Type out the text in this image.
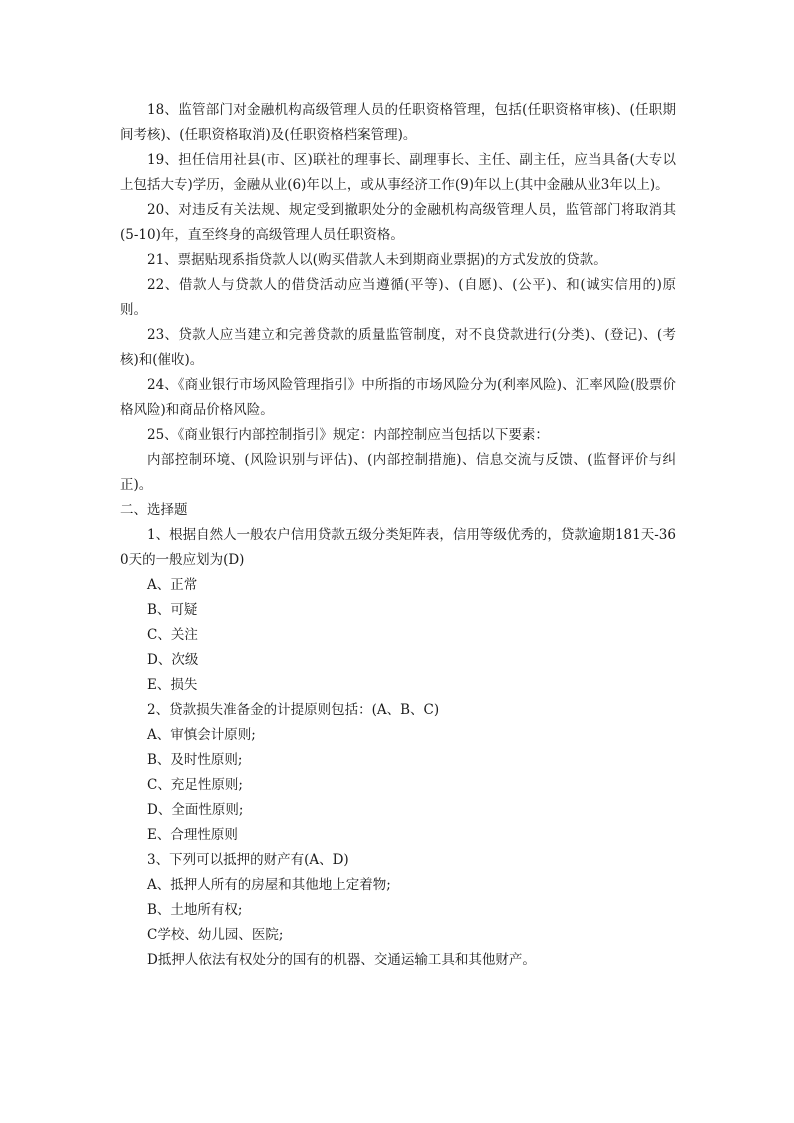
18、监管部门对金融机构高级管理人员的任职资格管理，包括(任职资格审核)、(任职期间考核)、(任职资格取消)及(任职资格档案管理)。

19、担任信用社县(市、区)联社的理事长、副理事长、主任、副主任，应当具备(大专以上包括大专)学历，金融从业(6)年以上，或从事经济工作(9)年以上(其中金融从业3年以上)。

20、对违反有关法规、规定受到撤职处分的金融机构高级管理人员，监管部门将取消其(5-10)年，直至终身的高级管理人员任职资格。

21、票据贴现系指贷款人以(购买借款人未到期商业票据)的方式发放的贷款。

22、借款人与贷款人的借贷活动应当遵循(平等)、(自愿)、(公平)、和(诚实信用的)原则。

23、贷款人应当建立和完善贷款的质量监管制度，对不良贷款进行(分类)、(登记)、(考核)和(催收)。

24、《商业银行市场风险管理指引》中所指的市场风险分为(利率风险)、汇率风险(股票价格风险)和商品价格风险。

25、《商业银行内部控制指引》规定：内部控制应当包括以下要素：

内部控制环境、(风险识别与评估)、(内部控制措施)、信息交流与反馈、(监督评价与纠正)。

二、选择题

1、根据自然人一般农户信用贷款五级分类矩阵表，信用等级优秀的，贷款逾期181天-360天的一般应划为(D)

A、正常

B、可疑

C、关注

D、次级

E、损失

2、贷款损失准备金的计提原则包括：(A、B、C)

A、审慎会计原则;

B、及时性原则;

C、充足性原则;

D、全面性原则;

E、合理性原则

3、下列可以抵押的财产有(A、D)

A、抵押人所有的房屋和其他地上定着物;

B、土地所有权;

C学校、幼儿园、医院;

D抵押人依法有权处分的国有的机器、交通运输工具和其他财产。
